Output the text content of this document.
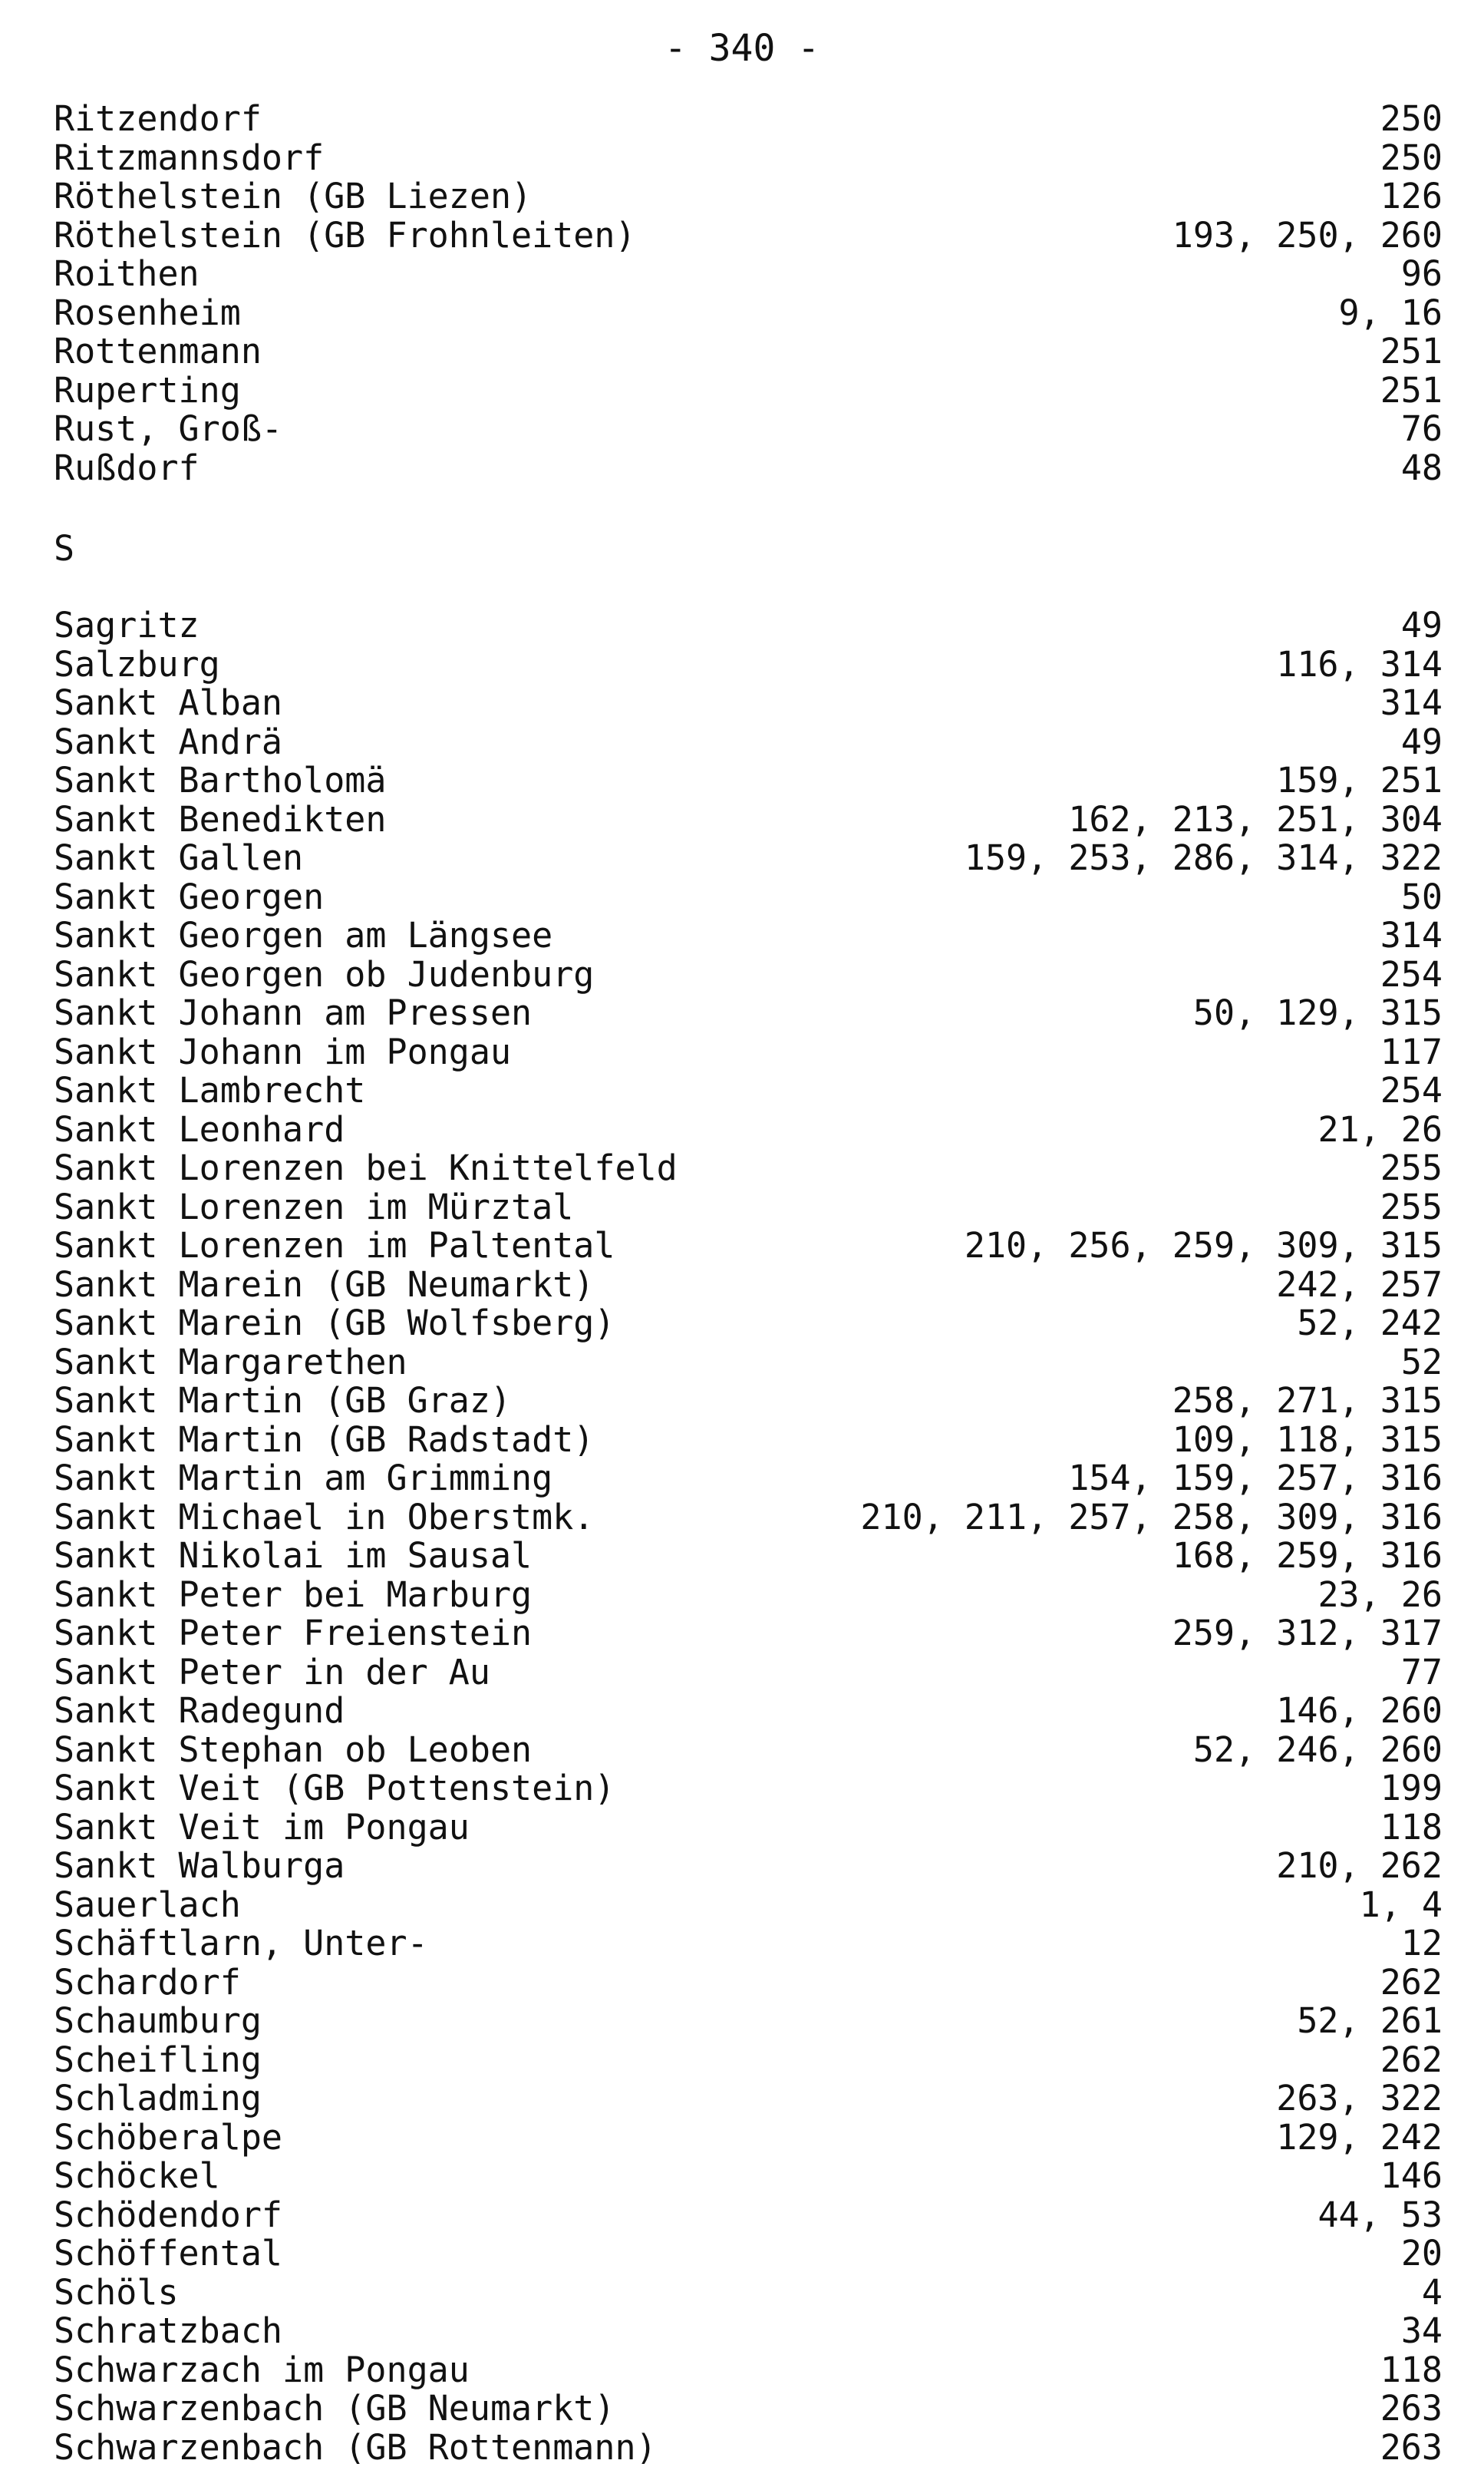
- 340 -
Ritzendorf	250
Ritzmannsdorf	250
Röthelstein (GB Liezen)	126
Röthelstein (GB Frohnleiten)	193, 250, 260
Roithen	96
Rosenheim	9, 16
Rottenmann	251
Ruperting	251
Rust, Groß-	76
Rußdorf	48
S
Sagritz	49
Salzburg	116, 314
Sankt Alban	314
Sankt Andrä	49
Sankt Bartholomä	159, 251
Sankt Benedikten	162, 213, 251, 304
Sankt Gallen	159, 253, 286, 314, 322
Sankt Georgen	50
Sankt Georgen am Längsee	314
Sankt Georgen ob Judenburg	254
Sankt Johann am Pressen	50, 129, 315
Sankt Johann im Pongau	117
Sankt Lambrecht	254
Sankt Leonhard	21, 26
Sankt Lorenzen bei Knittelfeld	255
Sankt Lorenzen im Mürztal	255
Sankt Lorenzen im Paltental	210, 256, 259, 309, 315
Sankt Marein (GB Neumarkt)	242, 257
Sankt Marein (GB Wolfsberg)	52, 242
Sankt Margarethen	52
Sankt Martin (GB Graz)	258, 271, 315
Sankt Martin (GB Radstadt)	109, 118, 315
Sankt Martin am Grimming	154, 159, 257, 316
Sankt Michael in Oberstmk.	210, 211, 257, 258, 309, 316
Sankt Nikolai im Sausal	168, 259, 316
Sankt Peter bei Marburg	23, 26
Sankt Peter Freienstein	259, 312, 317
Sankt Peter in der Au	77
Sankt Radegund	146, 260
Sankt Stephan ob Leoben	52, 246, 260
Sankt Veit (GB Pottenstein)	199
Sankt Veit im Pongau	118
Sankt Walburga	210, 262
Sauerlach	1, 4
Schäftlarn, Unter-	12
Schardorf	262
Schaumburg	52, 261
Scheifling	262
Schladming	263, 322
Schöberalpe	129, 242
Schöckel	146
Schödendorf	44, 53
Schöffental	20
Schöls	4
Schratzbach	34
Schwarzach im Pongau	118
Schwarzenbach (GB Neumarkt)	263
Schwarzenbach (GB Rottenmann)	263
